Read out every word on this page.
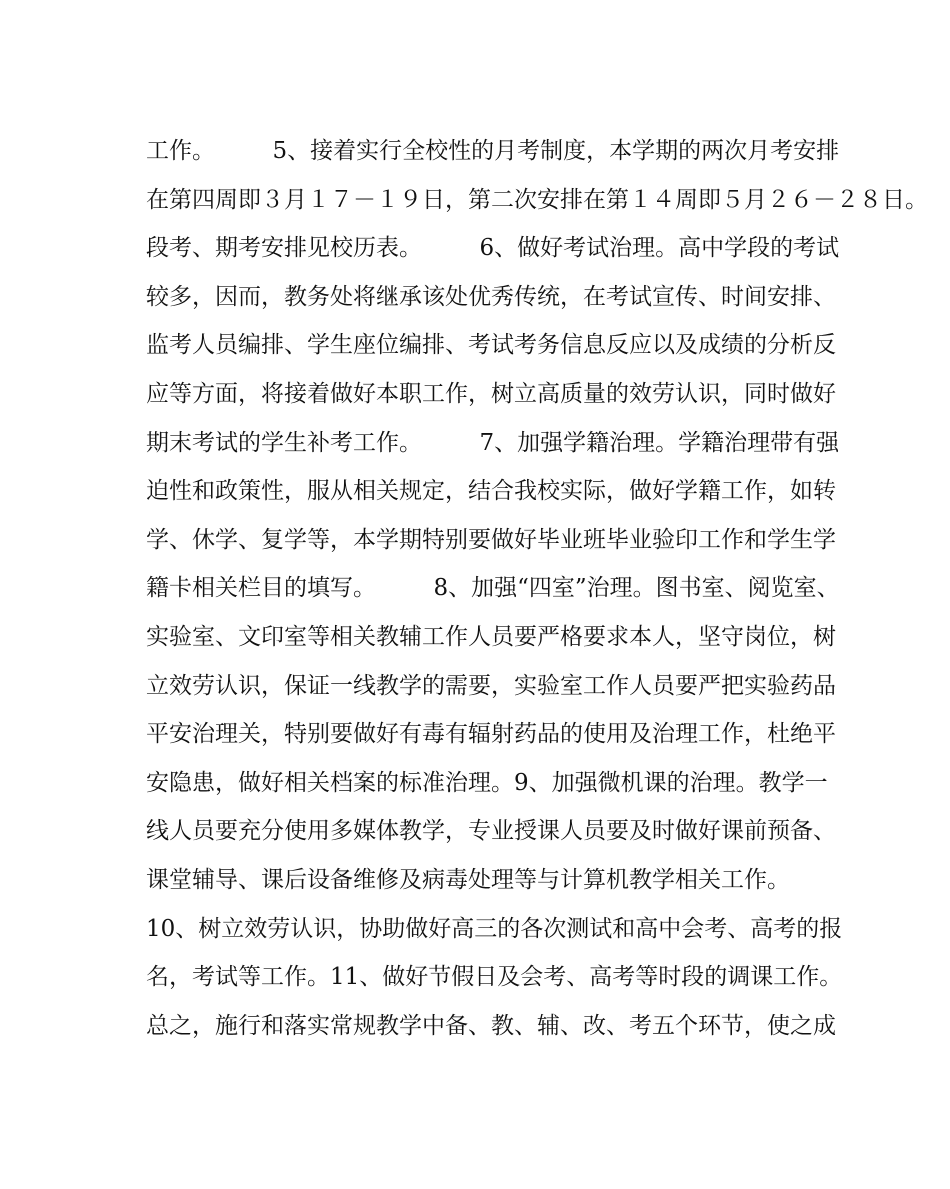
工作。　　　5、接着实行全校性的月考制度，本学期的两次月考安排
在第四周即３月１７－１９日，第二次安排在第１４周即５月２６－２８日。
段考、期考安排见校历表。　　　6、做好考试治理。高中学段的考试
较多，因而，教务处将继承该处优秀传统，在考试宣传、时间安排、
监考人员编排、学生座位编排、考试考务信息反应以及成绩的分析反
应等方面，将接着做好本职工作，树立高质量的效劳认识，同时做好
期末考试的学生补考工作。　　　7、加强学籍治理。学籍治理带有强
迫性和政策性，服从相关规定，结合我校实际，做好学籍工作，如转
学、休学、复学等，本学期特别要做好毕业班毕业验印工作和学生学
籍卡相关栏目的填写。　　　8、加强“四室”治理。图书室、阅览室、
实验室、文印室等相关教辅工作人员要严格要求本人，坚守岗位，树
立效劳认识，保证一线教学的需要，实验室工作人员要严把实验药品
平安治理关，特别要做好有毒有辐射药品的使用及治理工作，杜绝平
安隐患，做好相关档案的标准治理。9、加强微机课的治理。教学一
线人员要充分使用多媒体教学，专业授课人员要及时做好课前预备、
课堂辅导、课后设备维修及病毒处理等与计算机教学相关工作。
10、树立效劳认识，协助做好高三的各次测试和高中会考、高考的报
名，考试等工作。11、做好节假日及会考、高考等时段的调课工作。
总之，施行和落实常规教学中备、教、辅、改、考五个环节，使之成
